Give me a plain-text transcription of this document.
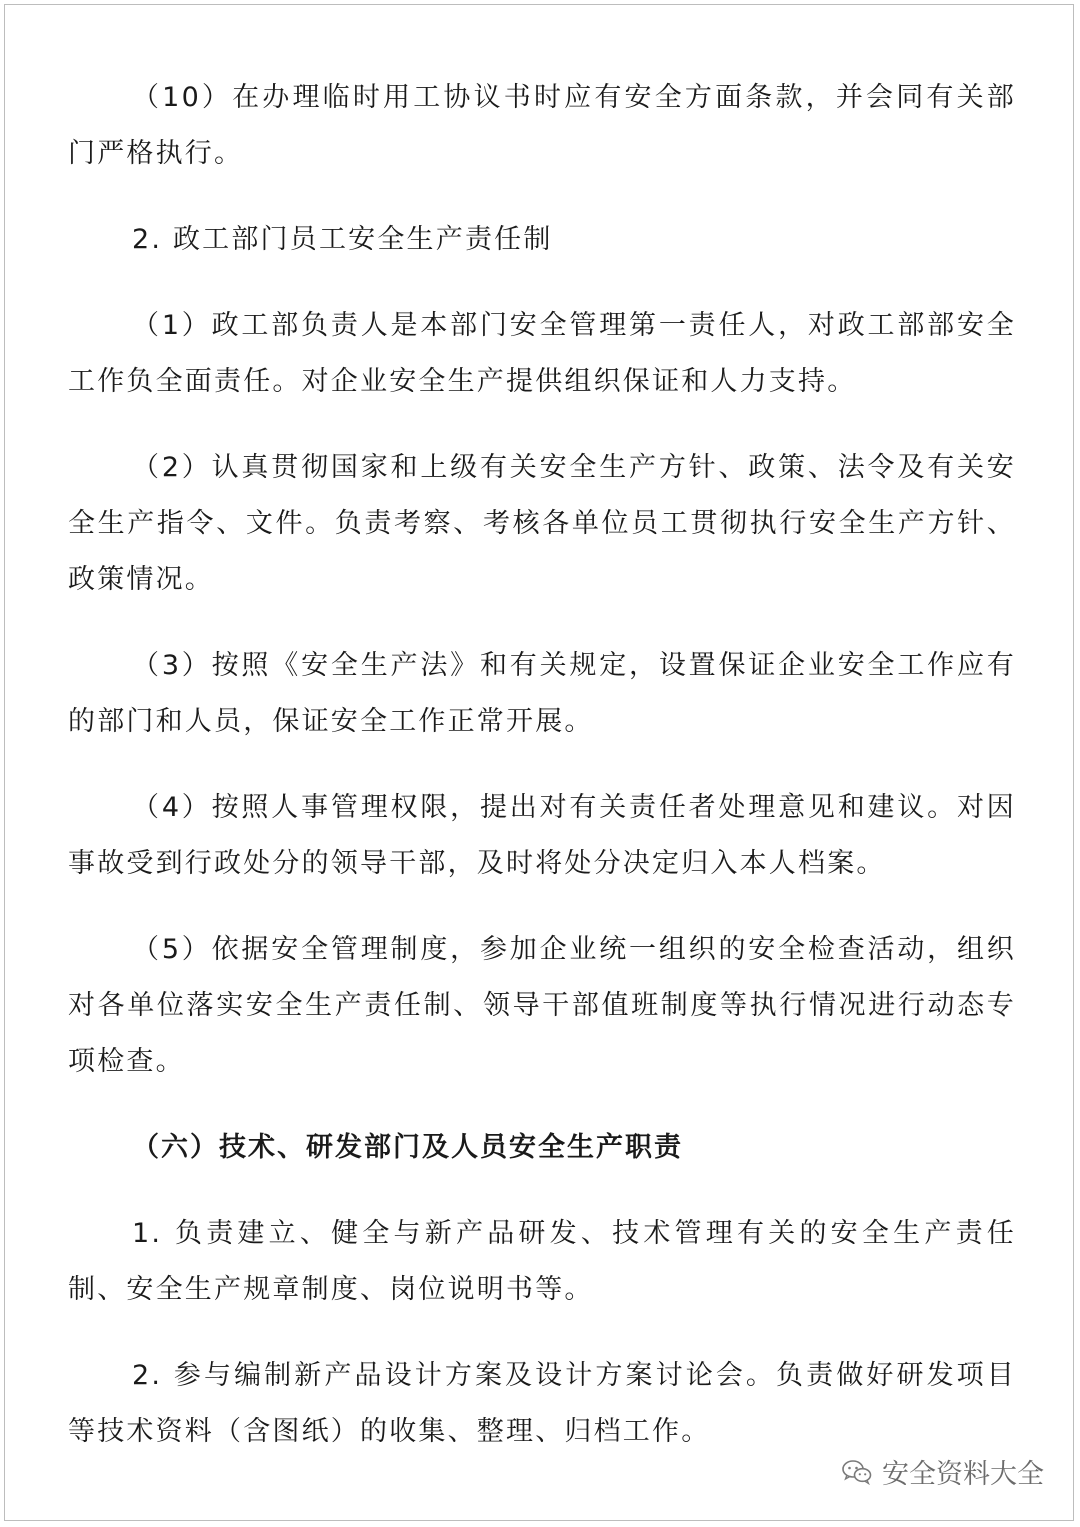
（10）在办理临时用工协议书时应有安全方面条款，并会同有关部门严格执行。

2. 政工部门员工安全生产责任制

（1）政工部负责人是本部门安全管理第一责任人，对政工部部安全工作负全面责任。对企业安全生产提供组织保证和人力支持。

（2）认真贯彻国家和上级有关安全生产方针、政策、法令及有关安全生产指令、文件。负责考察、考核各单位员工贯彻执行安全生产方针、政策情况。

（3）按照《安全生产法》和有关规定，设置保证企业安全工作应有的部门和人员，保证安全工作正常开展。

（4）按照人事管理权限，提出对有关责任者处理意见和建议。对因事故受到行政处分的领导干部，及时将处分决定归入本人档案。

（5）依据安全管理制度，参加企业统一组织的安全检查活动，组织对各单位落实安全生产责任制、领导干部值班制度等执行情况进行动态专项检查。

（六）技术、研发部门及人员安全生产职责

1. 负责建立、健全与新产品研发、技术管理有关的安全生产责任制、安全生产规章制度、岗位说明书等。

2. 参与编制新产品设计方案及设计方案讨论会。负责做好研发项目等技术资料（含图纸）的收集、整理、归档工作。

安全资料大全
